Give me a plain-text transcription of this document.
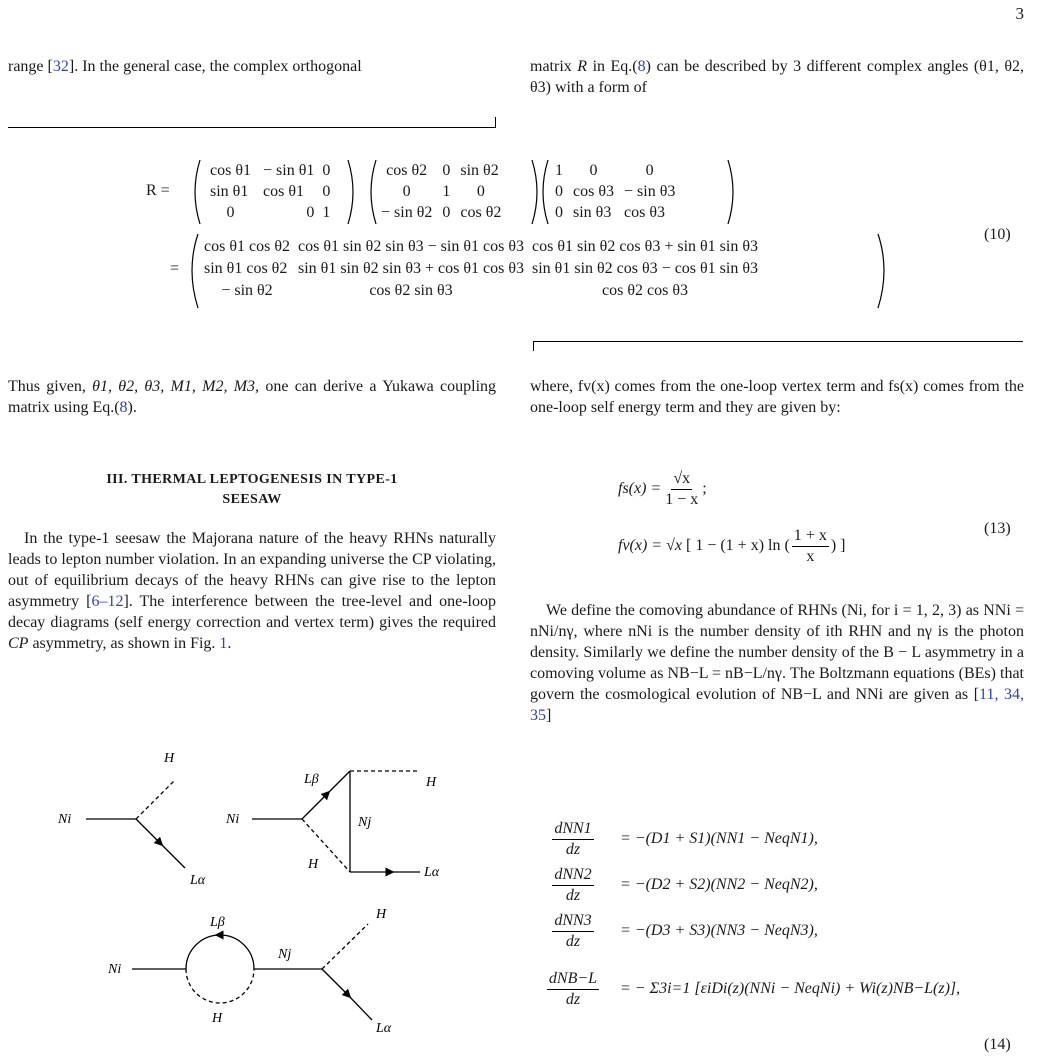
3
range [32]. In the general case, the complex orthogonal	matrix R in Eq.(8) can be described by 3 different complex angles (θ1, θ2, θ3) with a form of
R =
=
cos θ1	− sin θ1	0
sin θ1	cos θ1	0
0	0	1
cos θ2	0	sin θ2
0	1	0
− sin θ2	0	cos θ2
1	0	0
0	cos θ3	− sin θ3
0	sin θ3	cos θ3
cos θ1 cos θ2	cos θ1 sin θ2 sin θ3 − sin θ1 cos θ3	cos θ1 sin θ2 cos θ3 + sin θ1 sin θ3
sin θ1 cos θ2	sin θ1 sin θ2 sin θ3 + cos θ1 cos θ3	sin θ1 sin θ2 cos θ3 − cos θ1 sin θ3
− sin θ2	cos θ2 sin θ3	cos θ2 cos θ3
(10)
Thus given, θ1, θ2, θ3, M1, M2, M3, one can derive a Yukawa coupling matrix using Eq.(8).
III. THERMAL LEPTOGENESIS IN TYPE-1
SEESAW
In the type-1 seesaw the Majorana nature of the heavy RHNs naturally leads to lepton number violation. In an expanding universe the CP violating, out of equilibrium decays of the heavy RHNs can give rise to the lepton asymmetry [6–12]. The interference between the tree-level and one-loop decay diagrams (self energy correction and vertex term) gives the required CP asymmetry, as shown in Fig. 1.
Ni
H
Lα
Ni
Lβ
Nj
H
H
Lα
Ni
Lβ
H
Nj
H
Lα
where, fv(x) comes from the one-loop vertex term and fs(x) comes from the one-loop self energy term and they are given by:
$fs(x) = \frac{√x}{1 - x}$ ;
fv(x) = √x
[ 1 − (1 + x) ln ( $\frac{1 + x}{x}$ ) ]
(13)
We define the comoving abundance of RHNs (Ni, for i = 1, 2, 3) as NNi = nNi/nγ, where nNi is the number density of ith RHN and nγ is the photon density. Similarly we define the number density of the B − L asymmetry in a comoving volume as NB−L = nB−L/nγ. The Boltzmann equations (BEs) that govern the cosmological evolution of NB−L and NNi are given as [11, 34, 35]
$\frac{\text{dNN1}}{dz} = -(D1 + S1)(NN1$ − NeqN1),
$\frac{\text{dNN2}}{dz} = -(D2 + S2)(NN2$ − NeqN2),
$\frac{\text{dNN3}}{dz} = -(D3 + S3)(NN3$ − NeqN3),
$\frac{\text{dNB−L}}{dz}$ = − Σ3i=1 [εiDi(z)(NNi − NeqNi) + Wi(z)NB−L(z)],
(14)
